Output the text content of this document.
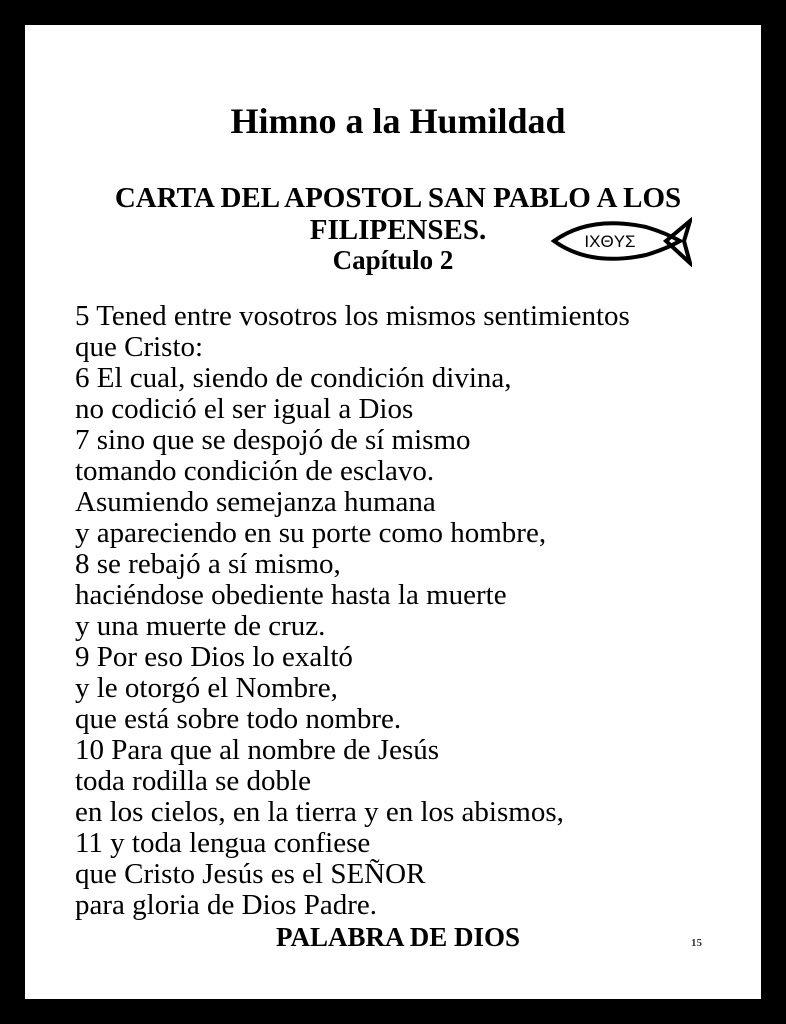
Himno a la Humildad
CARTA DEL APOSTOL SAN PABLO A LOS FILIPENSES.
Capítulo 2
IXΘYΣ
5 Tened entre vosotros los mismos sentimientos
que Cristo:
6 El cual, siendo de condición divina,
no codició el ser igual a Dios
7 sino que se despojó de sí mismo
tomando condición de esclavo.
Asumiendo semejanza humana
y apareciendo en su porte como hombre,
8 se rebajó a sí mismo,
haciéndose obediente hasta la muerte
y una muerte de cruz.
9 Por eso Dios lo exaltó
y le otorgó el Nombre,
que está sobre todo nombre.
10 Para que al nombre de Jesús
toda rodilla se doble
en los cielos, en la tierra y en los abismos,
11 y toda lengua confiese
que Cristo Jesús es el SEÑOR
para gloria de Dios Padre.
PALABRA DE DIOS	15
